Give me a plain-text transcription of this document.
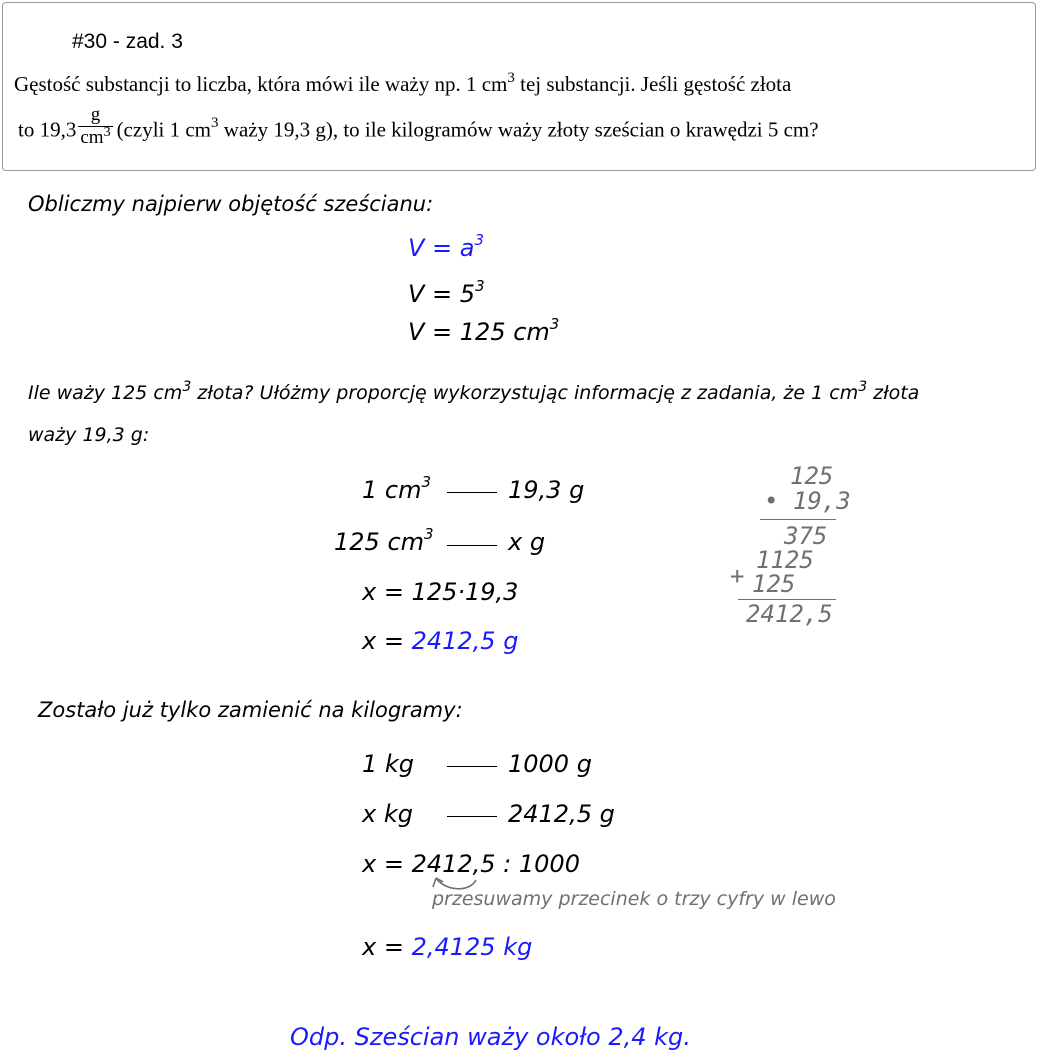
#30 - zad. 3
Gęstość substancji to liczba, która mówi ile waży np. 1 $cm^3$ tej substancji. Jeśli gęstość złota
to $19,3 \frac{g}{cm^3}$ (czyli 1 $cm^3$ waży 19,3 g), to ile kilogramów waży złoty sześcian o krawędzi 5 cm?
Obliczmy najpierw objętość sześcianu:
$V = a^3$
$V = 5^3$
V = 125 $cm^3$
Ile waży 125 $cm^3$ złota? Ułóżmy proporcję wykorzystując informację z zadania, że 1 $cm^3$ złota
waży 19,3 g:
1 $cm^3$	19,3 g
125 $cm^3$	x g
x = 125·19,3
x = 2412,5 g
125
• 19,3
375
1125
+ 125
2412,5
Zostało już tylko zamienić na kilogramy:
1 kg	1000 g
x kg	2412,5 g
x = 2412,5 : 1000
przesuwamy przecinek o trzy cyfry w lewo
x = 2,4125 kg
Odp. Sześcian waży około 2,4 kg.
